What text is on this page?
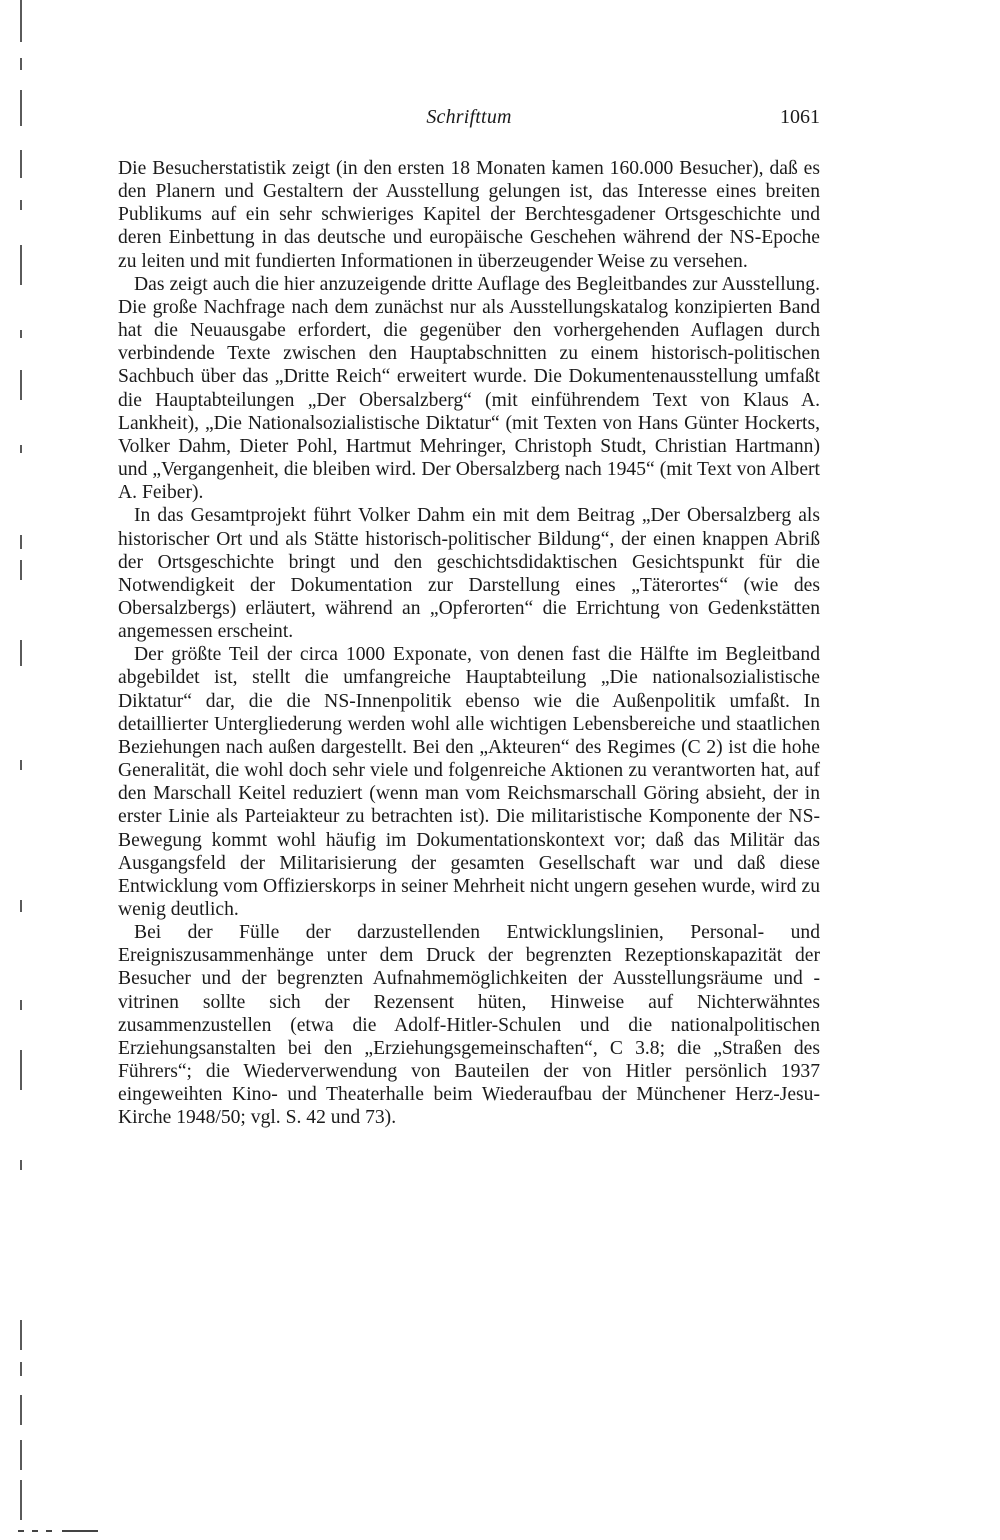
Schrifttum	1061

Die Besucherstatistik zeigt (in den ersten 18 Monaten kamen 160.000 Besucher), daß es den Planern und Gestaltern der Ausstellung gelungen ist, das Interesse eines breiten Publikums auf ein sehr schwieriges Kapitel der Berchtesgadener Ortsgeschichte und deren Einbettung in das deutsche und europäische Geschehen während der NS-Epoche zu leiten und mit fundierten Informationen in überzeugender Weise zu versehen.

Das zeigt auch die hier anzuzeigende dritte Auflage des Begleitbandes zur Ausstellung. Die große Nachfrage nach dem zunächst nur als Ausstellungskatalog konzipierten Band hat die Neuausgabe erfordert, die gegenüber den vorhergehenden Auflagen durch verbindende Texte zwischen den Hauptabschnitten zu einem historisch-politischen Sachbuch über das „Dritte Reich“ erweitert wurde. Die Dokumentenausstellung umfaßt die Hauptabteilungen „Der Obersalzberg“ (mit einführendem Text von Klaus A. Lankheit), „Die Nationalsozialistische Diktatur“ (mit Texten von Hans Günter Hockerts, Volker Dahm, Dieter Pohl, Hartmut Mehringer, Christoph Studt, Christian Hartmann) und „Vergangenheit, die bleiben wird. Der Obersalzberg nach 1945“ (mit Text von Albert A. Feiber).

In das Gesamtprojekt führt Volker Dahm ein mit dem Beitrag „Der Obersalzberg als historischer Ort und als Stätte historisch-politischer Bildung“, der einen knappen Abriß der Ortsgeschichte bringt und den geschichtsdidaktischen Gesichtspunkt für die Notwendigkeit der Dokumentation zur Darstellung eines „Täterortes“ (wie des Obersalzbergs) erläutert, während an „Opferorten“ die Errichtung von Gedenkstätten angemessen erscheint.

Der größte Teil der circa 1000 Exponate, von denen fast die Hälfte im Begleitband abgebildet ist, stellt die umfangreiche Hauptabteilung „Die nationalsozialistische Diktatur“ dar, die die NS-Innenpolitik ebenso wie die Außenpolitik umfaßt. In detaillierter Untergliederung werden wohl alle wichtigen Lebensbereiche und staatlichen Beziehungen nach außen dargestellt. Bei den „Akteuren“ des Regimes (C 2) ist die hohe Generalität, die wohl doch sehr viele und folgenreiche Aktionen zu verantworten hat, auf den Marschall Keitel reduziert (wenn man vom Reichsmarschall Göring absieht, der in erster Linie als Parteiakteur zu betrachten ist). Die militaristische Komponente der NS-Bewegung kommt wohl häufig im Dokumentationskontext vor; daß das Militär das Ausgangsfeld der Militarisierung der gesamten Gesellschaft war und daß diese Entwicklung vom Offizierskorps in seiner Mehrheit nicht ungern gesehen wurde, wird zu wenig deutlich.

Bei der Fülle der darzustellenden Entwicklungslinien, Personal- und Ereigniszusammenhänge unter dem Druck der begrenzten Rezeptionskapazität der Besucher und der begrenzten Aufnahmemöglichkeiten der Ausstellungsräume und -vitrinen sollte sich der Rezensent hüten, Hinweise auf Nichterwähntes zusammenzustellen (etwa die Adolf-Hitler-Schulen und die nationalpolitischen Erziehungsanstalten bei den „Erziehungsgemeinschaften“, C 3.8; die „Straßen des Führers“; die Wiederverwendung von Bauteilen der von Hitler persönlich 1937 eingeweihten Kino- und Theaterhalle beim Wiederaufbau der Münchener Herz-Jesu-Kirche 1948/50; vgl. S. 42 und 73).
